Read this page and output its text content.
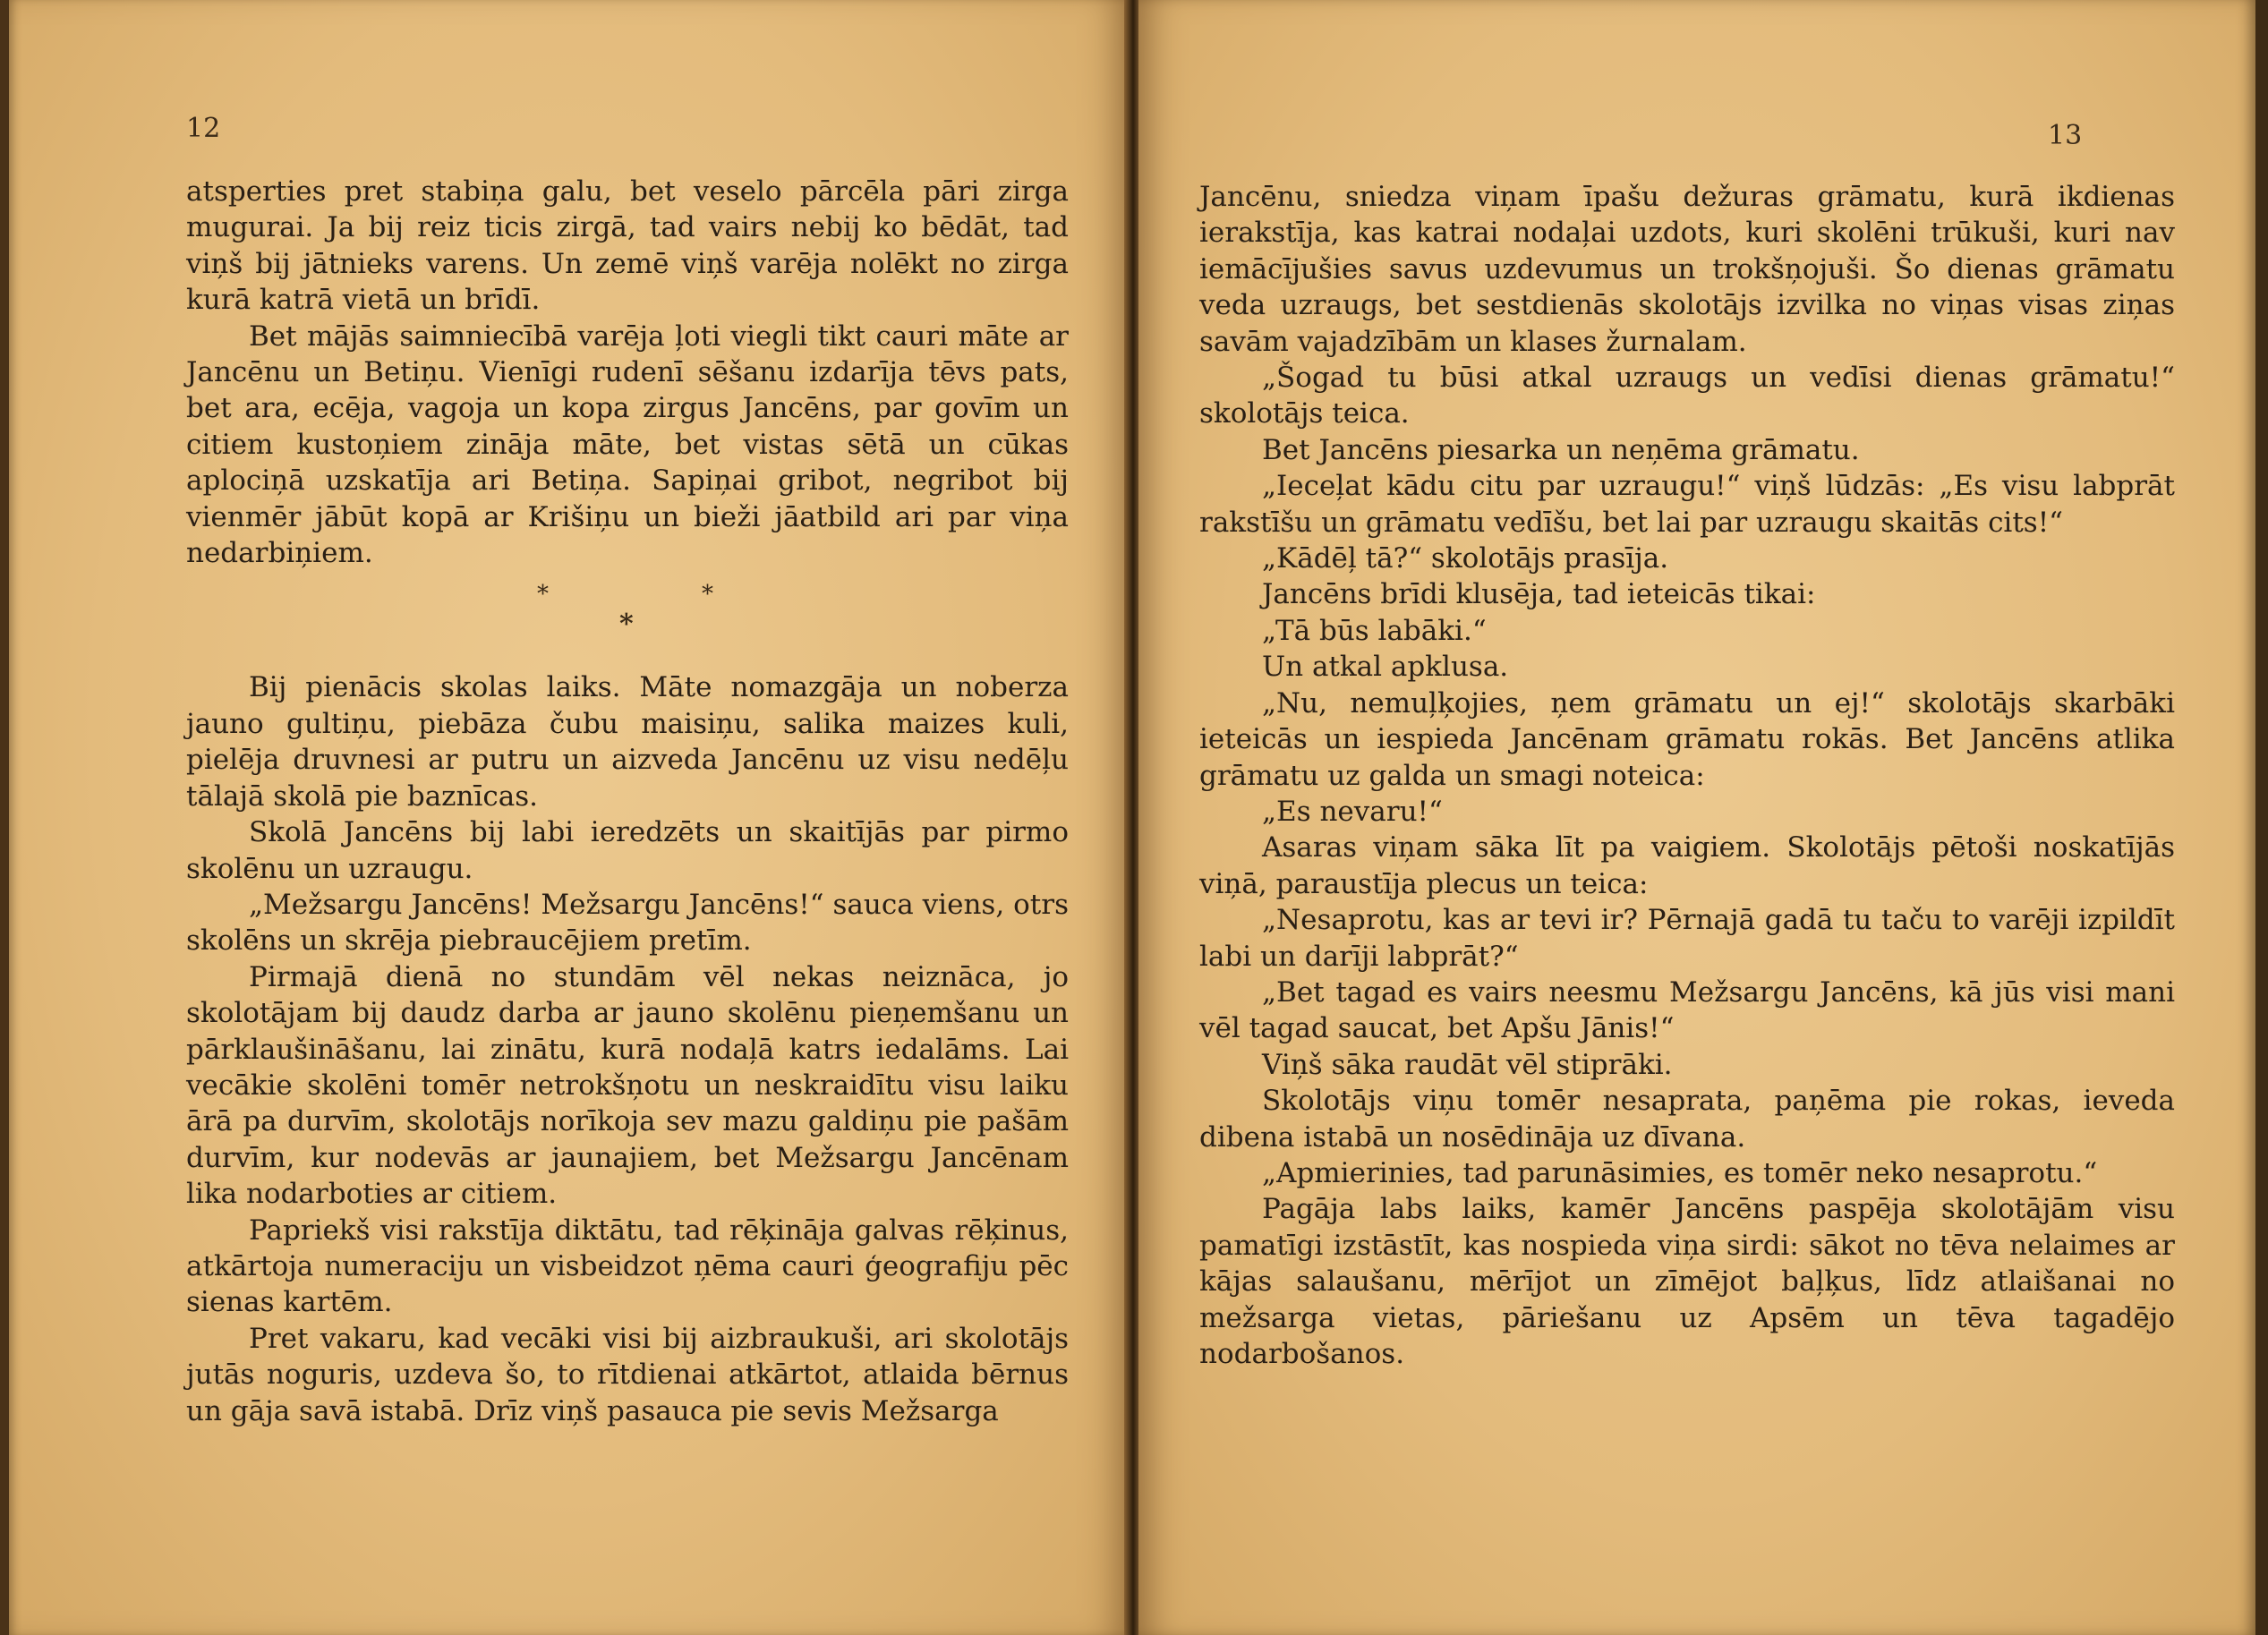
12

atsperties pret stabiņa galu, bet veselo pārcēla pāri zirga mugurai. Ja bij reiz ticis zirgā, tad vairs nebij ko bēdāt, tad viņš bij jātnieks varens. Un zemē viņš varēja nolēkt no zirga kurā katrā vietā un brīdī.

Bet mājās saimniecībā varēja ļoti viegli tikt cauri māte ar Jancēnu un Betiņu. Vienīgi rudenī sēšanu izdarīja tēvs pats, bet ara, ecēja, vagoja un kopa zirgus Jancēns, par govīm un citiem kustoņiem zināja māte, bet vistas sētā un cūkas aplociņā uzskatīja ari Betiņa. Sapiņai gribot, negribot bij vienmēr jābūt kopā ar Krišiņu un bieži jāatbild ari par viņa nedarbiņiem.

*	*
*

Bij pienācis skolas laiks. Māte nomazgāja un noberza jauno gultiņu, piebāza čubu maisiņu, salika maizes kuli, pielēja druvnesi ar putru un aizveda Jancēnu uz visu nedēļu tālajā skolā pie baznīcas.

Skolā Jancēns bij labi ieredzēts un skaitījās par pirmo skolēnu un uzraugu.

„Mežsargu Jancēns! Mežsargu Jancēns!“ sauca viens, otrs skolēns un skrēja piebraucējiem pretīm.

Pirmajā dienā no stundām vēl nekas neiznāca, jo skolotājam bij daudz darba ar jauno skolēnu pieņemšanu un pārklaušināšanu, lai zinātu, kurā nodaļā katrs iedalāms. Lai vecākie skolēni tomēr netrokšņotu un neskraidītu visu laiku ārā pa durvīm, skolotājs norīkoja sev mazu galdiņu pie pašām durvīm, kur nodevās ar jaunajiem, bet Mežsargu Jancēnam lika nodarboties ar citiem.

Papriekš visi rakstīja diktātu, tad rēķināja galvas rēķinus, atkārtoja numeraciju un visbeidzot ņēma cauri ģeografiju pēc sienas kartēm.

Pret vakaru, kad vecāki visi bij aizbraukuši, ari skolotājs jutās noguris, uzdeva šo, to rītdienai atkārtot, atlaida bērnus un gāja savā istabā. Drīz viņš pasauca pie sevis Mežsarga

13

Jancēnu, sniedza viņam īpašu dežuras grāmatu, kurā ikdienas ierakstīja, kas katrai nodaļai uzdots, kuri skolēni trūkuši, kuri nav iemācījušies savus uzdevumus un trokšņojuši. Šo dienas grāmatu veda uzraugs, bet sestdienās skolotājs izvilka no viņas visas ziņas savām vajadzībām un klases žurnalam.

„Šogad tu būsi atkal uzraugs un vedīsi dienas grāmatu!“ skolotājs teica.

Bet Jancēns piesarka un neņēma grāmatu.

„Ieceļat kādu citu par uzraugu!“ viņš lūdzās: „Es visu labprāt rakstīšu un grāmatu vedīšu, bet lai par uzraugu skaitās cits!“

„Kādēļ tā?“ skolotājs prasīja.

Jancēns brīdi klusēja, tad ieteicās tikai:

„Tā būs labāki.“

Un atkal apklusa.

„Nu, nemuļķojies, ņem grāmatu un ej!“ skolotājs skarbāki ieteicās un iespieda Jancēnam grāmatu rokās. Bet Jancēns atlika grāmatu uz galda un smagi noteica:

„Es nevaru!“

Asaras viņam sāka līt pa vaigiem. Skolotājs pētoši noskatījās viņā, paraustīja plecus un teica:

„Nesaprotu, kas ar tevi ir? Pērnajā gadā tu taču to varēji izpildīt labi un darīji labprāt?“

„Bet tagad es vairs neesmu Mežsargu Jancēns, kā jūs visi mani vēl tagad saucat, bet Apšu Jānis!“

Viņš sāka raudāt vēl stiprāki.

Skolotājs viņu tomēr nesaprata, paņēma pie rokas, ieveda dibena istabā un nosēdināja uz dīvana.

„Apmierinies, tad parunāsimies, es tomēr neko nesaprotu.“

Pagāja labs laiks, kamēr Jancēns paspēja skolotājām visu pamatīgi izstāstīt, kas nospieda viņa sirdi: sākot no tēva nelaimes ar kājas salaušanu, mērījot un zīmējot baļķus, līdz atlaišanai no mežsarga vietas, pāriešanu uz Apsēm un tēva tagadējo nodarbošanos.
